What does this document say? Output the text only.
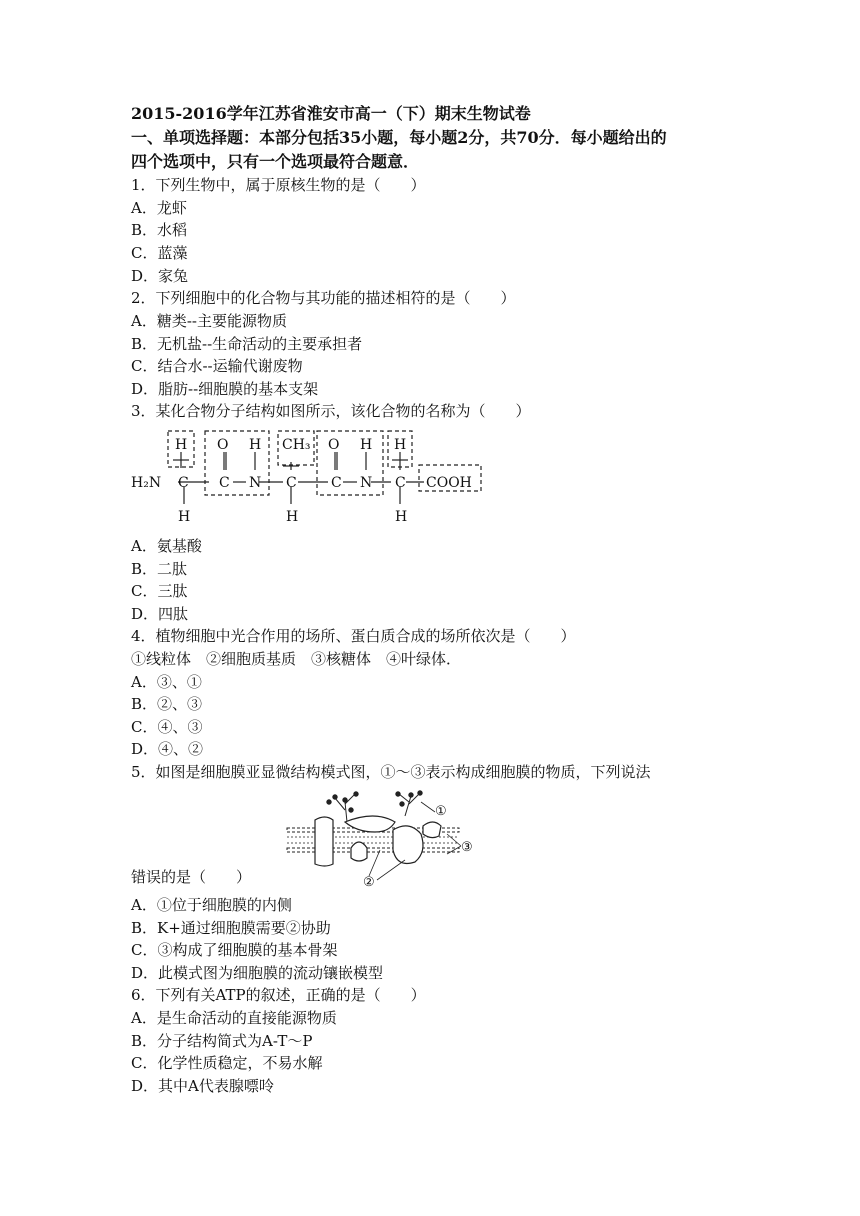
2015-2016学年江苏省淮安市高一（下）期末生物试卷
一、单项选择题：本部分包括35小题，每小题2分，共70分．每小题给出的
四个选项中，只有一个选项最符合题意．
1．下列生物中，属于原核生物的是（　　）
A．龙虾
B．水稻
C．蓝藻
D．家兔
2．下列细胞中的化合物与其功能的描述相符的是（　　）
A．糖类--主要能源物质
B．无机盐--生命活动的主要承担者
C．结合水--运输代谢废物
D．脂肪--细胞膜的基本支架
3．某化合物分子结构如图所示，该化合物的名称为（　　）
H₂N
H
C
H
O H
C N
CH₃
C
H
O H
C N
H
C
H
COOH
A．氨基酸
B．二肽
C．三肽
D．四肽
4．植物细胞中光合作用的场所、蛋白质合成的场所依次是（　　）
①线粒体　②细胞质基质　③核糖体　④叶绿体．
A．③、①
B．②、③
C．④、③
D．④、②
5．如图是细胞膜亚显微结构模式图，①～③表示构成细胞膜的物质，下列说法
①
②
③
错误的是（　　）
A．①位于细胞膜的内侧
B．K+通过细胞膜需要②协助
C．③构成了细胞膜的基本骨架
D．此模式图为细胞膜的流动镶嵌模型
6．下列有关ATP的叙述，正确的是（　　）
A．是生命活动的直接能源物质
B．分子结构简式为A-T～P
C．化学性质稳定，不易水解
D．其中A代表腺嘌呤
